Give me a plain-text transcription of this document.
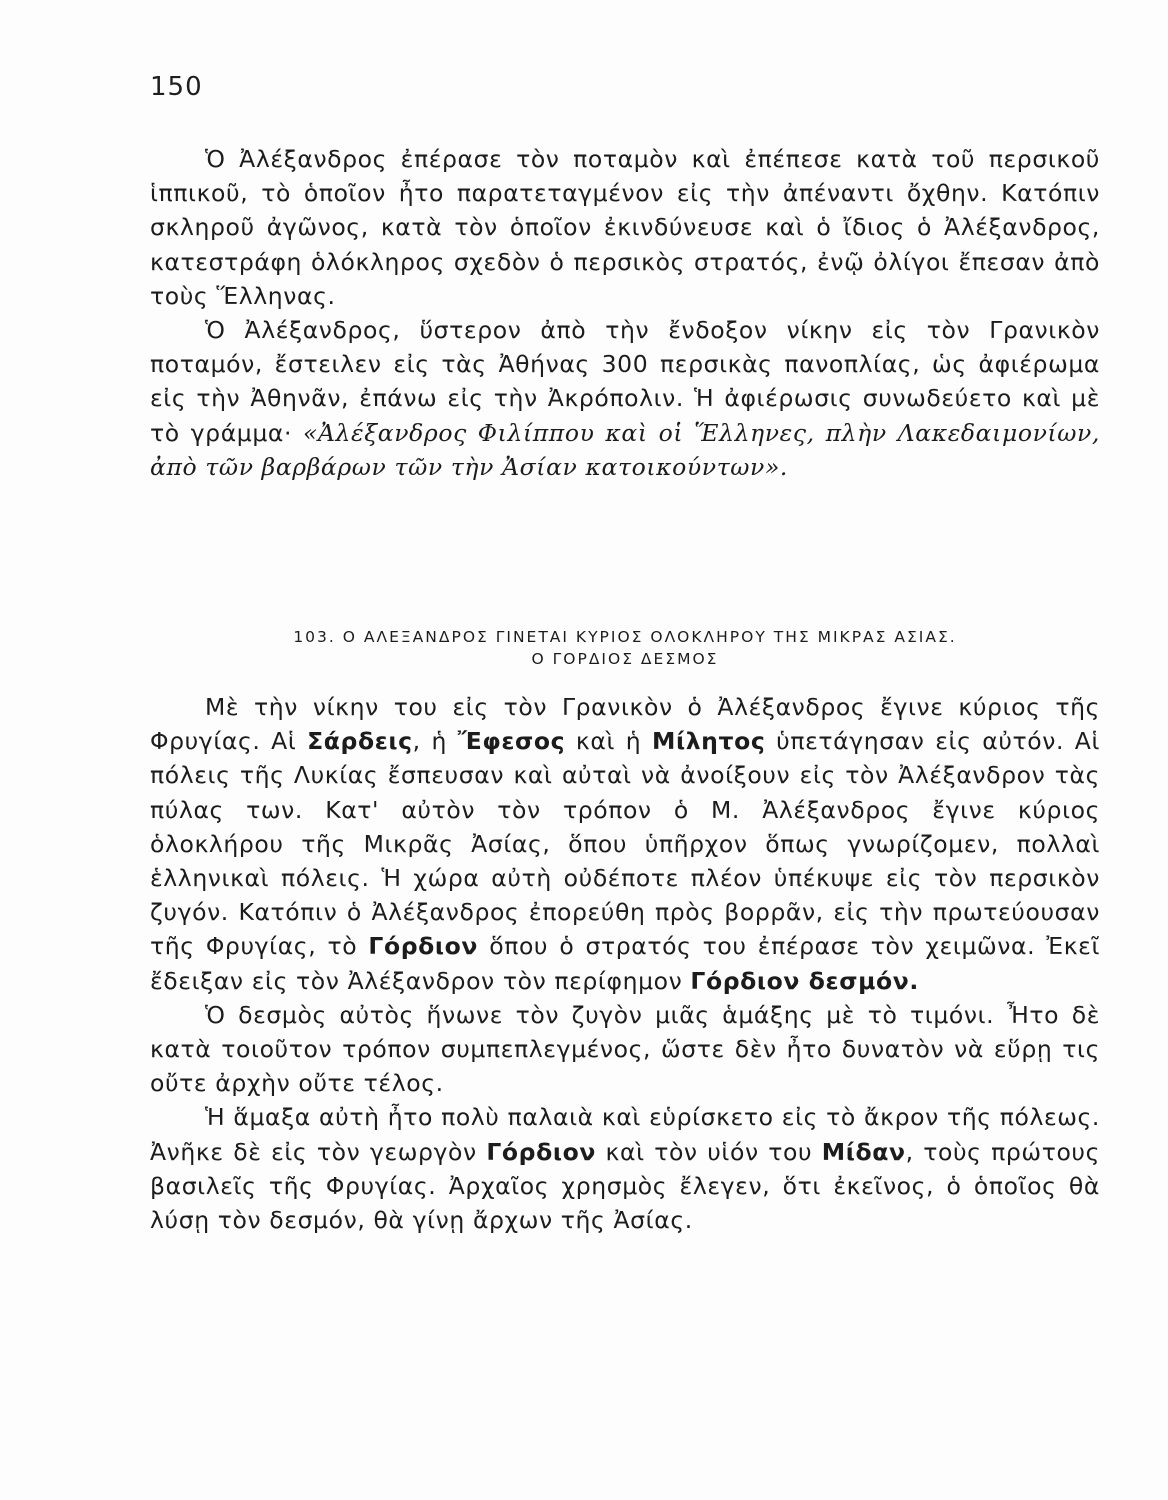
150

Ὁ Ἀλέξανδρος ἐπέρασε τὸν ποταμὸν καὶ ἐπέπεσε κατὰ τοῦ περσικοῦ ἱππικοῦ, τὸ ὁποῖον ἦτο παρατεταγμένον εἰς τὴν ἀπέναντι ὄχθην. Κατόπιν σκληροῦ ἀγῶνος, κατὰ τὸν ὁποῖον ἐκινδύνευσε καὶ ὁ ἴδιος ὁ Ἀλέξανδρος, κατεστράφη ὁλόκληρος σχεδὸν ὁ περσικὸς στρατός, ἐνῷ ὀλίγοι ἔπεσαν ἀπὸ τοὺς Ἕλληνας.

Ὁ Ἀλέξανδρος, ὕστερον ἀπὸ τὴν ἔνδοξον νίκην εἰς τὸν Γρανικὸν ποταμόν, ἔστειλεν εἰς τὰς Ἀθήνας 300 περσικὰς πανοπλίας, ὡς ἀφιέρωμα εἰς τὴν Ἀθηνᾶν, ἐπάνω εἰς τὴν Ἀκρόπολιν. Ἡ ἀφιέρωσις συνωδεύετο καὶ μὲ τὸ γράμμα· «Ἀλέξανδρος Φιλίππου καὶ οἱ Ἕλληνες, πλὴν Λακεδαιμονίων, ἀπὸ τῶν βαρβάρων τῶν τὴν Ἀσίαν κατοικούντων».

103. Ο ΑΛΕΞΑΝΔΡΟΣ ΓΙΝΕΤΑΙ ΚΥΡΙΟΣ ΟΛΟΚΛΗΡΟΥ ΤΗΣ ΜΙΚΡΑΣ ΑΣΙΑΣ.
Ο ΓΟΡΔΙΟΣ ΔΕΣΜΟΣ

Μὲ τὴν νίκην του εἰς τὸν Γρανικὸν ὁ Ἀλέξανδρος ἔγινε κύριος τῆς Φρυγίας. Αἱ Σάρδεις, ἡ Ἔφεσος καὶ ἡ Μίλητος ὑπετάγησαν εἰς αὐτόν. Αἱ πόλεις τῆς Λυκίας ἔσπευσαν καὶ αὐταὶ νὰ ἀνοίξουν εἰς τὸν Ἀλέξανδρον τὰς πύλας των. Κατ' αὐτὸν τὸν τρόπον ὁ Μ. Ἀλέξανδρος ἔγινε κύριος ὁλοκλήρου τῆς Μικρᾶς Ἀσίας, ὅπου ὑπῆρχον ὅπως γνωρίζομεν, πολλαὶ ἑλληνικαὶ πόλεις. Ἡ χώρα αὐτὴ οὐδέποτε πλέον ὑπέκυψε εἰς τὸν περσικὸν ζυγόν. Κατόπιν ὁ Ἀλέξανδρος ἐπορεύθη πρὸς βορρᾶν, εἰς τὴν πρωτεύουσαν τῆς Φρυγίας, τὸ Γόρδιον ὅπου ὁ στρατός του ἐπέρασε τὸν χειμῶνα. Ἐκεῖ ἔδειξαν εἰς τὸν Ἀλέξανδρον τὸν περίφημον Γόρδιον δεσμόν.

Ὁ δεσμὸς αὐτὸς ἥνωνε τὸν ζυγὸν μιᾶς ἁμάξης μὲ τὸ τιμόνι. Ἦτο δὲ κατὰ τοιοῦτον τρόπον συμπεπλεγμένος, ὥστε δὲν ἦτο δυνατὸν νὰ εὕρῃ τις οὔτε ἀρχὴν οὔτε τέλος.

Ἡ ἅμαξα αὐτὴ ἦτο πολὺ παλαιὰ καὶ εὑρίσκετο εἰς τὸ ἄκρον τῆς πόλεως. Ἀνῆκε δὲ εἰς τὸν γεωργὸν Γόρδιον καὶ τὸν υἱόν του Μίδαν, τοὺς πρώτους βασιλεῖς τῆς Φρυγίας. Ἀρχαῖος χρησμὸς ἔλεγεν, ὅτι ἐκεῖνος, ὁ ὁποῖος θὰ λύσῃ τὸν δεσμόν, θὰ γίνῃ ἄρχων τῆς Ἀσίας.
